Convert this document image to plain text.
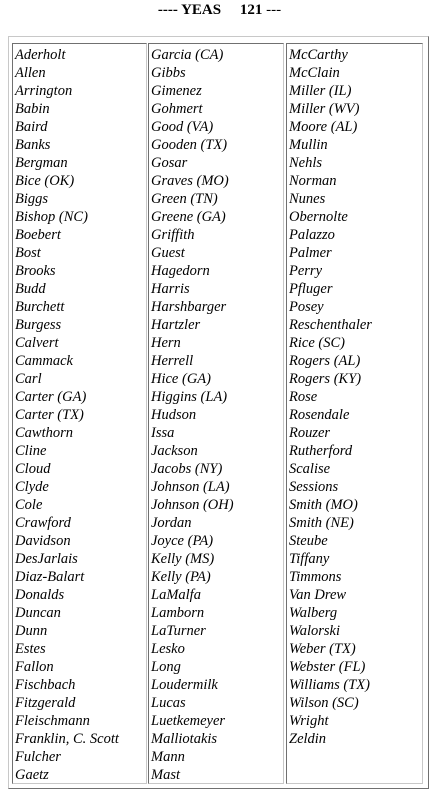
---- YEAS 121 ---
Aderholt
Allen
Arrington
Babin
Baird
Banks
Bergman
Bice (OK)
Biggs
Bishop (NC)
Boebert
Bost
Brooks
Budd
Burchett
Burgess
Calvert
Cammack
Carl
Carter (GA)
Carter (TX)
Cawthorn
Cline
Cloud
Clyde
Cole
Crawford
Davidson
DesJarlais
Diaz-Balart
Donalds
Duncan
Dunn
Estes
Fallon
Fischbach
Fitzgerald
Fleischmann
Franklin, C. Scott
Fulcher
Gaetz
Garcia (CA)
Gibbs
Gimenez
Gohmert
Good (VA)
Gooden (TX)
Gosar
Graves (MO)
Green (TN)
Greene (GA)
Griffith
Guest
Hagedorn
Harris
Harshbarger
Hartzler
Hern
Herrell
Hice (GA)
Higgins (LA)
Hudson
Issa
Jackson
Jacobs (NY)
Johnson (LA)
Johnson (OH)
Jordan
Joyce (PA)
Kelly (MS)
Kelly (PA)
LaMalfa
Lamborn
LaTurner
Lesko
Long
Loudermilk
Lucas
Luetkemeyer
Malliotakis
Mann
Mast
McCarthy
McClain
Miller (IL)
Miller (WV)
Moore (AL)
Mullin
Nehls
Norman
Nunes
Obernolte
Palazzo
Palmer
Perry
Pfluger
Posey
Reschenthaler
Rice (SC)
Rogers (AL)
Rogers (KY)
Rose
Rosendale
Rouzer
Rutherford
Scalise
Sessions
Smith (MO)
Smith (NE)
Steube
Tiffany
Timmons
Van Drew
Walberg
Walorski
Weber (TX)
Webster (FL)
Williams (TX)
Wilson (SC)
Wright
Zeldin
